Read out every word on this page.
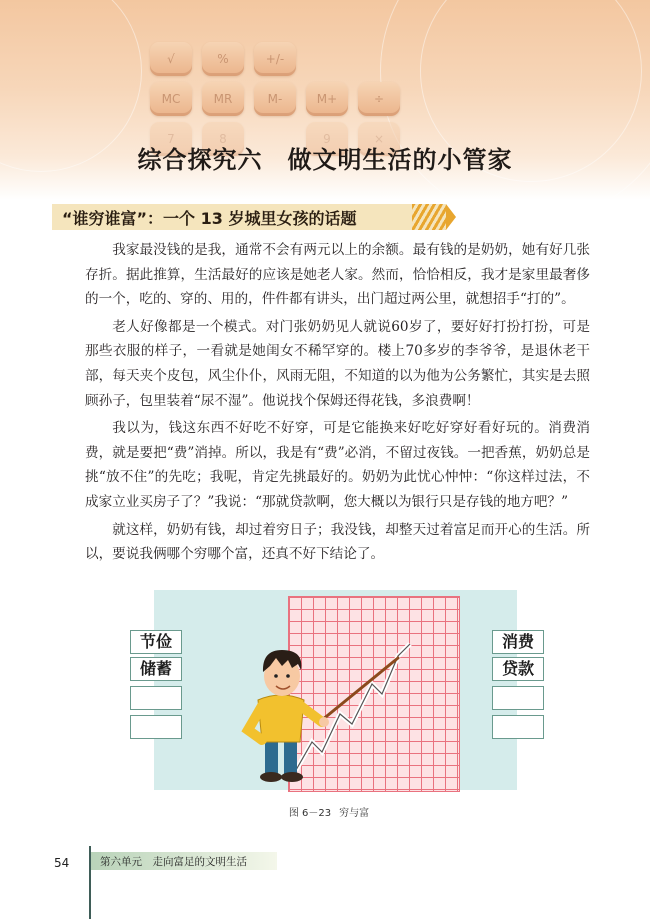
√	%	+/-
MC	MR	M-	M+	÷
7	8	9	×
综合探究六　做文明生活的小管家
“谁穷谁富”：一个 13 岁城里女孩的话题

我家最没钱的是我，通常不会有两元以上的余额。最有钱的是奶奶，她有好几张存折。据此推算，生活最好的应该是她老人家。然而，恰恰相反，我才是家里最奢侈的一个，吃的、穿的、用的，件件都有讲头，出门超过两公里，就想招手“打的”。

老人好像都是一个模式。对门张奶奶见人就说60岁了，要好好打扮打扮，可是那些衣服的样子，一看就是她闺女不稀罕穿的。楼上70多岁的李爷爷，是退休老干部，每天夹个皮包，风尘仆仆，风雨无阻，不知道的以为他为公务繁忙，其实是去照顾孙子，包里装着“尿不湿”。他说找个保姆还得花钱，多浪费啊！

我以为，钱这东西不好吃不好穿，可是它能换来好吃好穿好看好玩的。消费消费，就是要把“费”消掉。所以，我是有“费”必消，不留过夜钱。一把香蕉，奶奶总是挑“放不住”的先吃；我呢，肯定先挑最好的。奶奶为此忧心忡忡：“你这样过法，不成家立业买房子了？”我说：“那就贷款啊，您大概以为银行只是存钱的地方吧？”

就这样，奶奶有钱，却过着穷日子；我没钱，却整天过着富足而开心的生活。所以，要说我俩哪个穷哪个富，还真不好下结论了。

节俭
储蓄
消费
贷款
图 6－23 穷与富
54	第六单元　走向富足的文明生活
